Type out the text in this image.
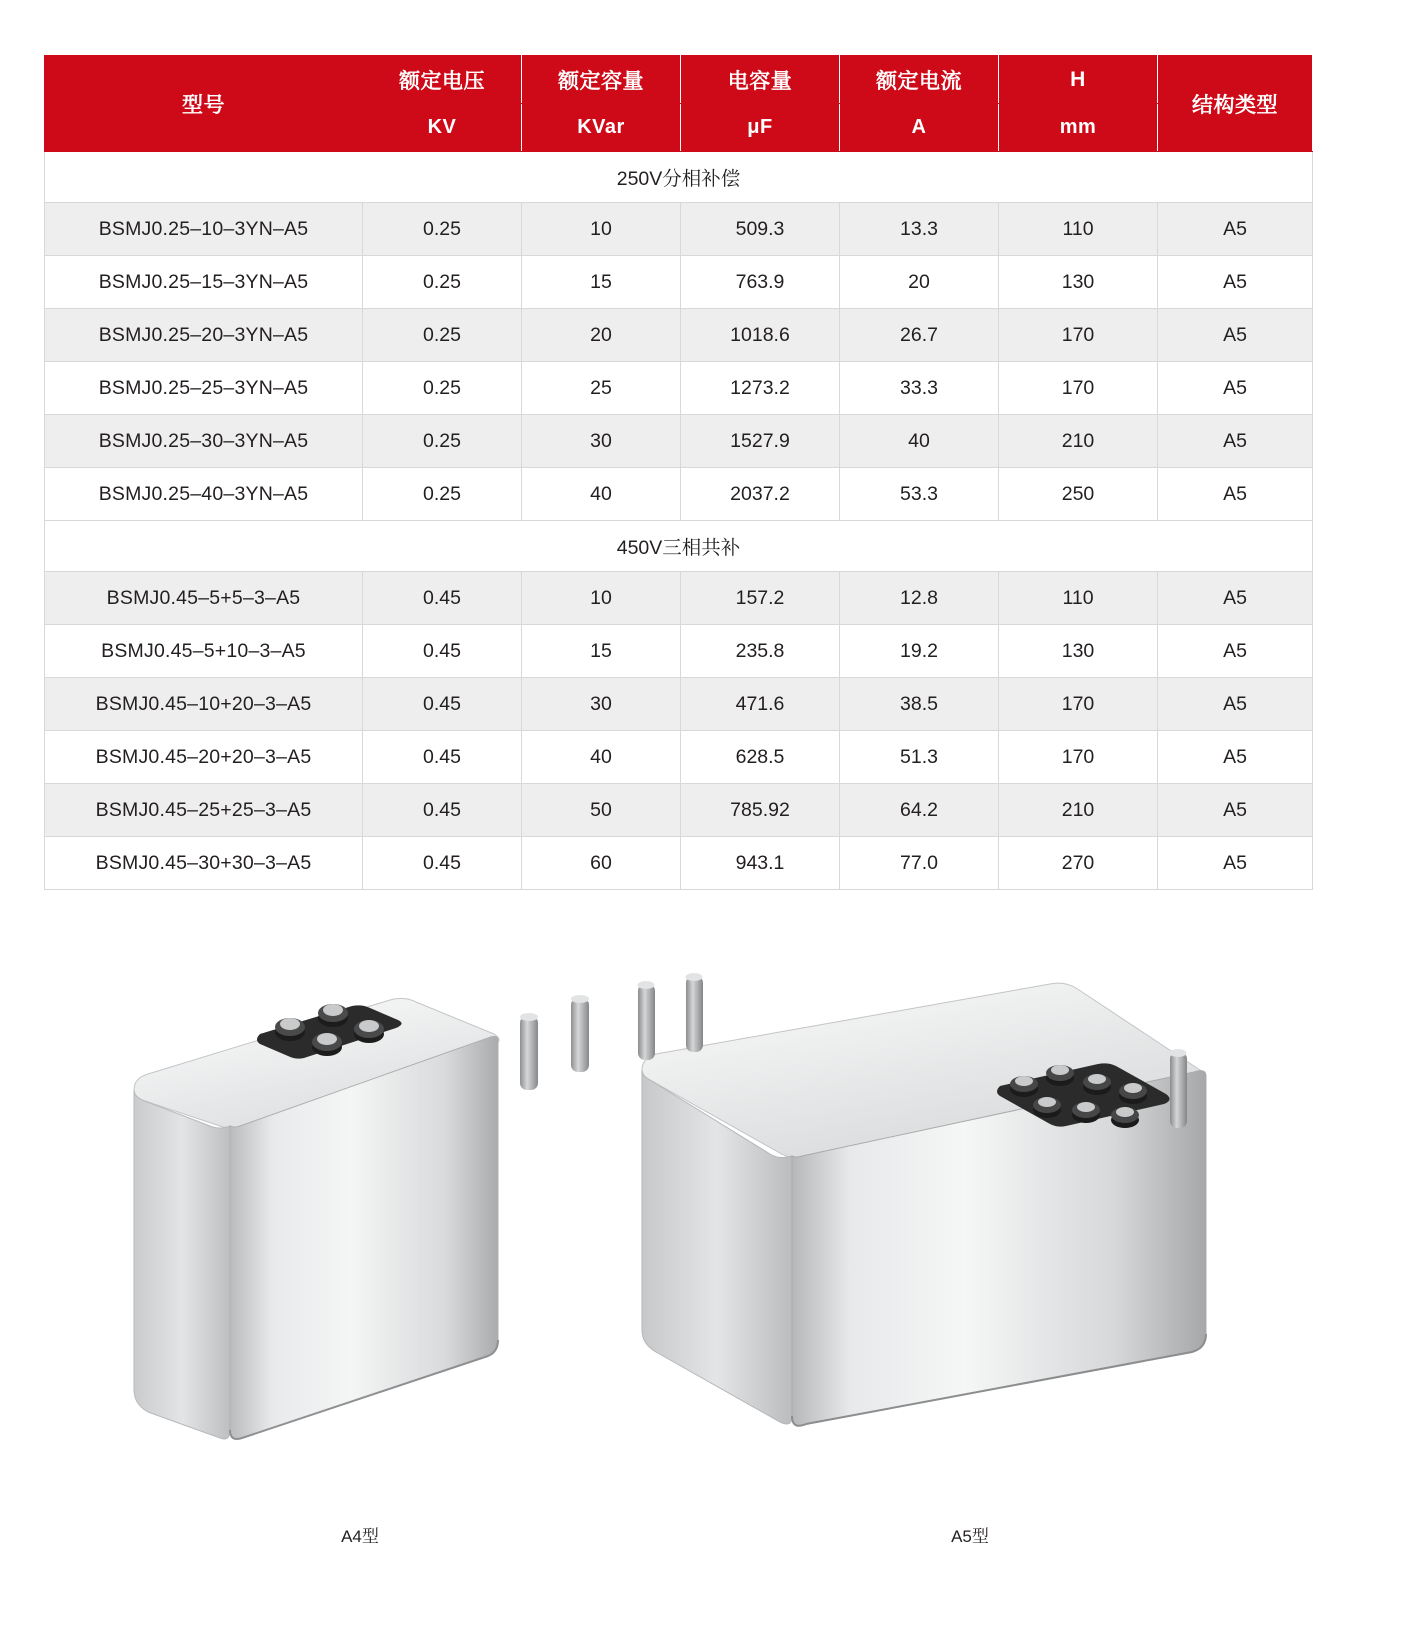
型号	额定电压	额定容量	电容量	额定电流	H	结构类型
	KV	KVar	μF	A	mm	
250V分相补偿						
BSMJ0.25–10–3YN–A5	0.25	10	509.3	13.3	110	A5
BSMJ0.25–15–3YN–A5	0.25	15	763.9	20	130	A5
BSMJ0.25–20–3YN–A5	0.25	20	1018.6	26.7	170	A5
BSMJ0.25–25–3YN–A5	0.25	25	1273.2	33.3	170	A5
BSMJ0.25–30–3YN–A5	0.25	30	1527.9	40	210	A5
BSMJ0.25–40–3YN–A5	0.25	40	2037.2	53.3	250	A5
450V三相共补						
BSMJ0.45–5+5–3–A5	0.45	10	157.2	12.8	110	A5
BSMJ0.45–5+10–3–A5	0.45	15	235.8	19.2	130	A5
BSMJ0.45–10+20–3–A5	0.45	30	471.6	38.5	170	A5
BSMJ0.45–20+20–3–A5	0.45	40	628.5	51.3	170	A5
BSMJ0.45–25+25–3–A5	0.45	50	785.92	64.2	210	A5
BSMJ0.45–30+30–3–A5	0.45	60	943.1	77.0	270	A5
A4型	A5型
